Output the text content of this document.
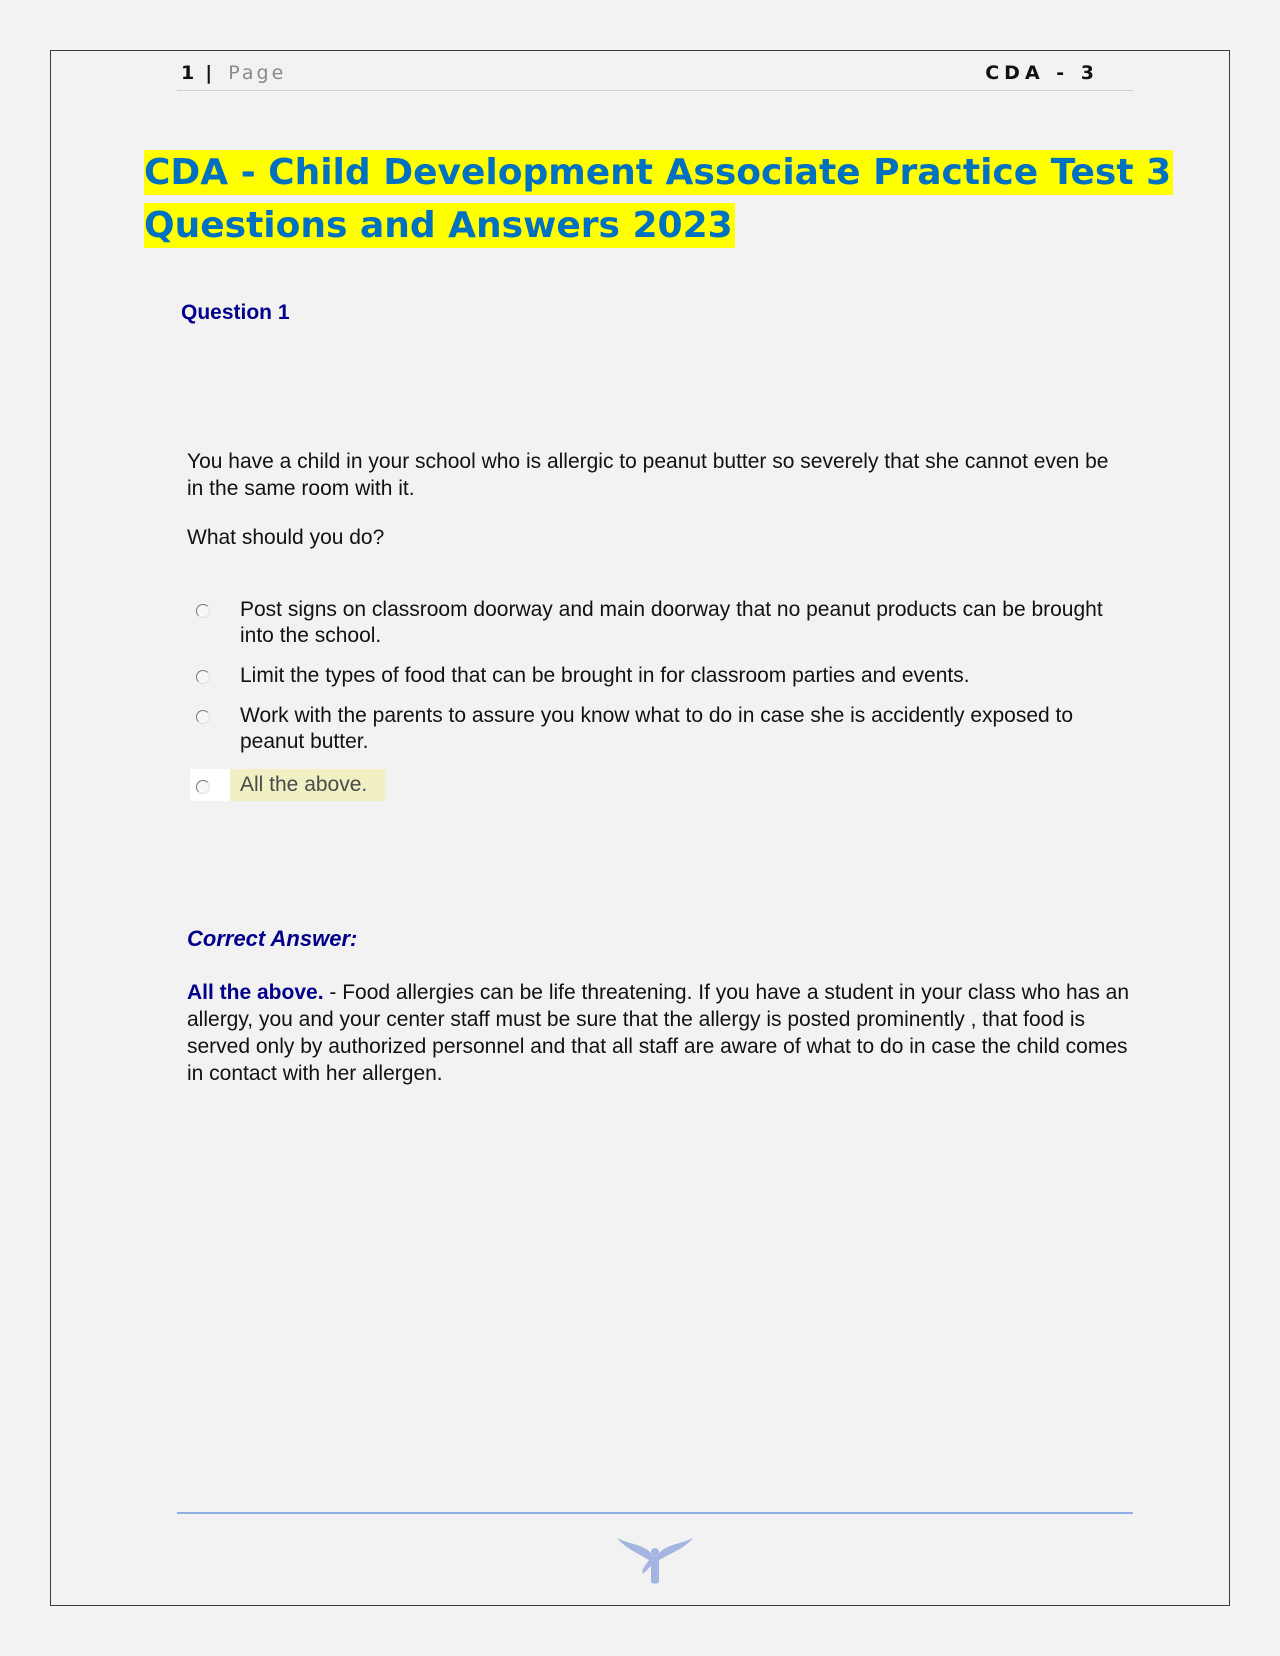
1 | Page	CDA - 3
CDA - Child Development Associate Practice Test 3
Questions and Answers 2023
Question 1

You have a child in your school who is allergic to peanut butter so severely that she cannot even be in the same room with it.

What should you do?

Post signs on classroom doorway and main doorway that no peanut products can be brought into the school.
Limit the types of food that can be brought in for classroom parties and events.
Work with the parents to assure you know what to do in case she is accidently exposed to peanut butter.
All the above.
Correct Answer:

All the above. - Food allergies can be life threatening. If you have a student in your class who has an allergy, you and your center staff must be sure that the allergy is posted prominently , that food is served only by authorized personnel and that all staff are aware of what to do in case the child comes in contact with her allergen.
